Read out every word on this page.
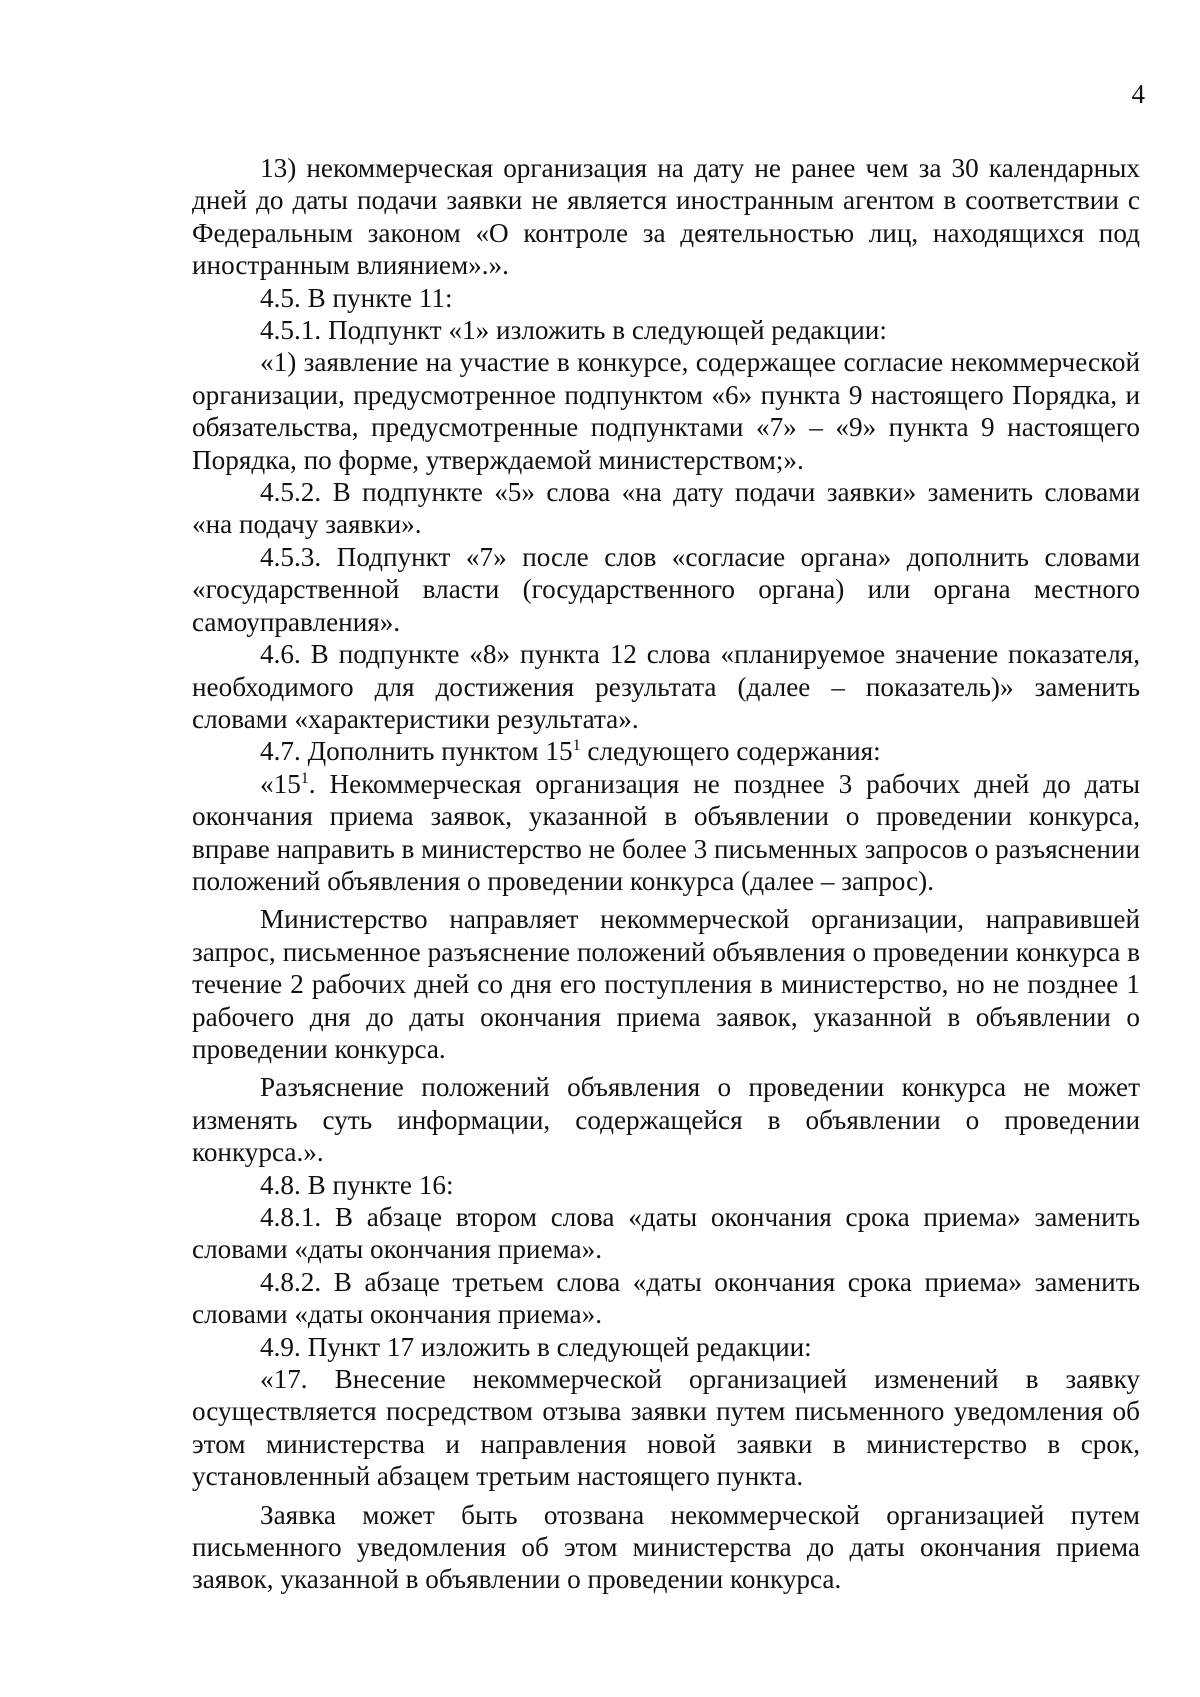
4

13) некоммерческая организация на дату не ранее чем за 30 календарных дней до даты подачи заявки не является иностранным агентом в соответствии с Федеральным законом «О контроле за деятельностью лиц, находящихся под иностранным влиянием».».

4.5. В пункте 11:

4.5.1. Подпункт «1» изложить в следующей редакции:

«1) заявление на участие в конкурсе, содержащее согласие некоммерческой организации, предусмотренное подпунктом «6» пункта 9 настоящего Порядка, и обязательства, предусмотренные подпунктами «7» – «9» пункта 9 настоящего Порядка, по форме, утверждаемой министерством;».

4.5.2. В подпункте «5» слова «на дату подачи заявки» заменить словами «на подачу заявки».

4.5.3. Подпункт «7» после слов «согласие органа» дополнить словами «государственной власти (государственного органа) или органа местного самоуправления».

4.6. В подпункте «8» пункта 12 слова «планируемое значение показателя, необходимого для достижения результата (далее – показатель)» заменить словами «характеристики результата».

4.7. Дополнить пунктом $15^1$ следующего содержания:

«$15^1$. Некоммерческая организация не позднее 3 рабочих дней до даты окончания приема заявок, указанной в объявлении о проведении конкурса, вправе направить в министерство не более 3 письменных запросов о разъяснении положений объявления о проведении конкурса (далее – запрос).

Министерство направляет некоммерческой организации, направившей запрос, письменное разъяснение положений объявления о проведении конкурса в течение 2 рабочих дней со дня его поступления в министерство, но не позднее 1 рабочего дня до даты окончания приема заявок, указанной в объявлении о проведении конкурса.

Разъяснение положений объявления о проведении конкурса не может изменять суть информации, содержащейся в объявлении о проведении конкурса.».

4.8. В пункте 16:

4.8.1. В абзаце втором слова «даты окончания срока приема» заменить словами «даты окончания приема».

4.8.2. В абзаце третьем слова «даты окончания срока приема» заменить словами «даты окончания приема».

4.9. Пункт 17 изложить в следующей редакции:

«17. Внесение некоммерческой организацией изменений в заявку осуществляется посредством отзыва заявки путем письменного уведомления об этом министерства и направления новой заявки в министерство в срок, установленный абзацем третьим настоящего пункта.

Заявка может быть отозвана некоммерческой организацией путем письменного уведомления об этом министерства до даты окончания приема заявок, указанной в объявлении о проведении конкурса.
